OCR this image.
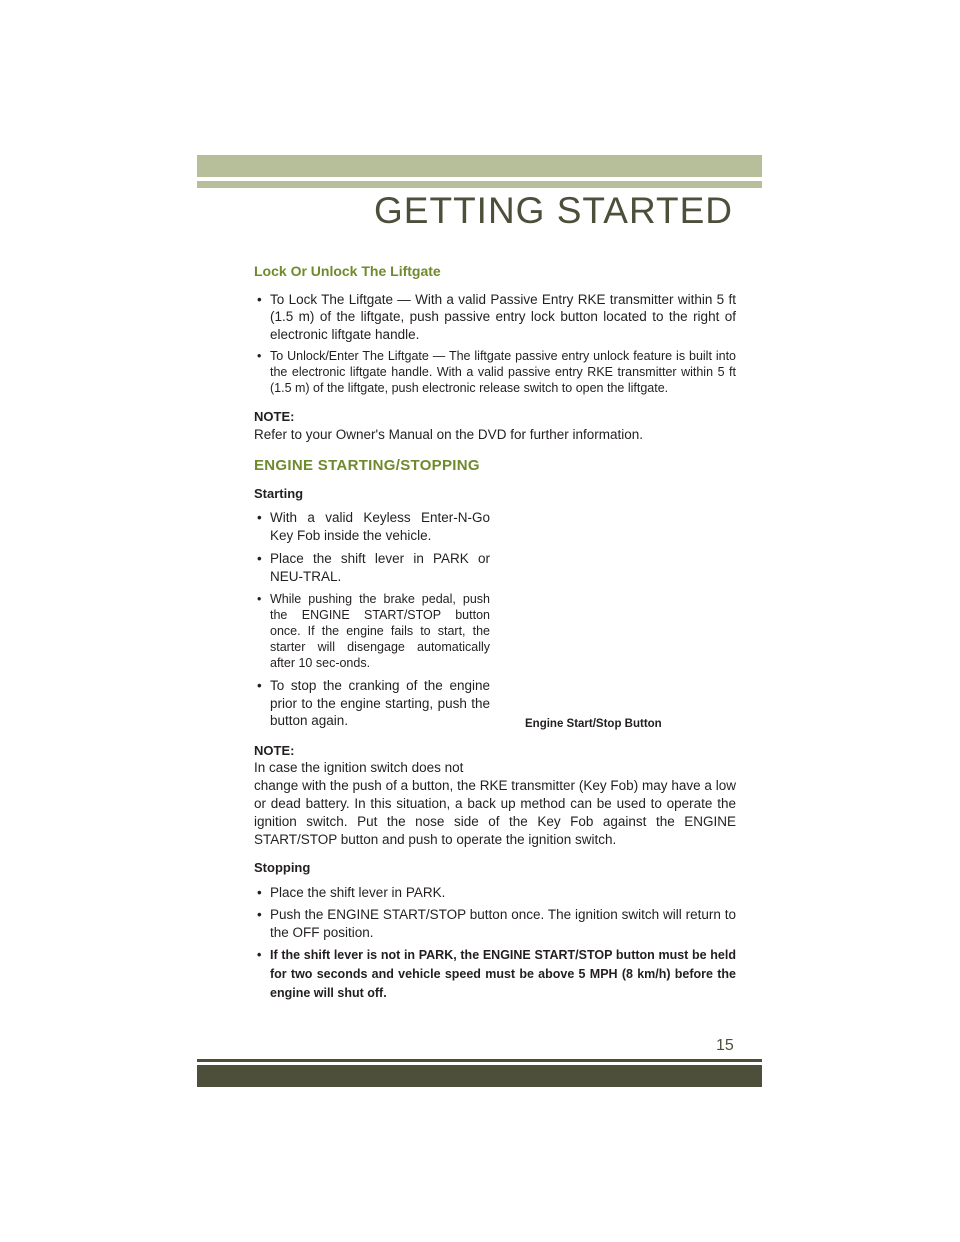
GETTING STARTED
Lock Or Unlock The Liftgate
• To Lock The Liftgate — With a valid Passive Entry RKE transmitter within 5 ft (1.5 m) of the liftgate, push passive entry lock button located to the right of electronic liftgate handle.
• To Unlock/Enter The Liftgate — The liftgate passive entry unlock feature is built into the electronic liftgate handle. With a valid passive entry RKE transmitter within 5 ft (1.5 m) of the liftgate, push electronic release switch to open the liftgate.
NOTE:

Refer to your Owner's Manual on the DVD for further information.

ENGINE STARTING/STOPPING
Starting
• With a valid Keyless Enter-N-Go Key Fob inside the vehicle.
• Place the shift lever in PARK or NEU-TRAL.
• While pushing the brake pedal, push the ENGINE START/STOP button once. If the engine fails to start, the starter will disengage automatically after 10 sec-onds.
• To stop the cranking of the engine prior to the engine starting, push the button again.
NOTE:

In case the ignition switch does not

change with the push of a button, the RKE transmitter (Key Fob) may have a low or dead battery. In this situation, a back up method can be used to operate the ignition switch. Put the nose side of the Key Fob against the ENGINE START/STOP button and push to operate the ignition switch.

Stopping
• Place the shift lever in PARK.
• Push the ENGINE START/STOP button once. The ignition switch will return to the OFF position.
• If the shift lever is not in PARK, the ENGINE START/STOP button must be held for two seconds and vehicle speed must be above 5 MPH (8 km/h) before the engine will shut off.
Engine Start/Stop Button
15
